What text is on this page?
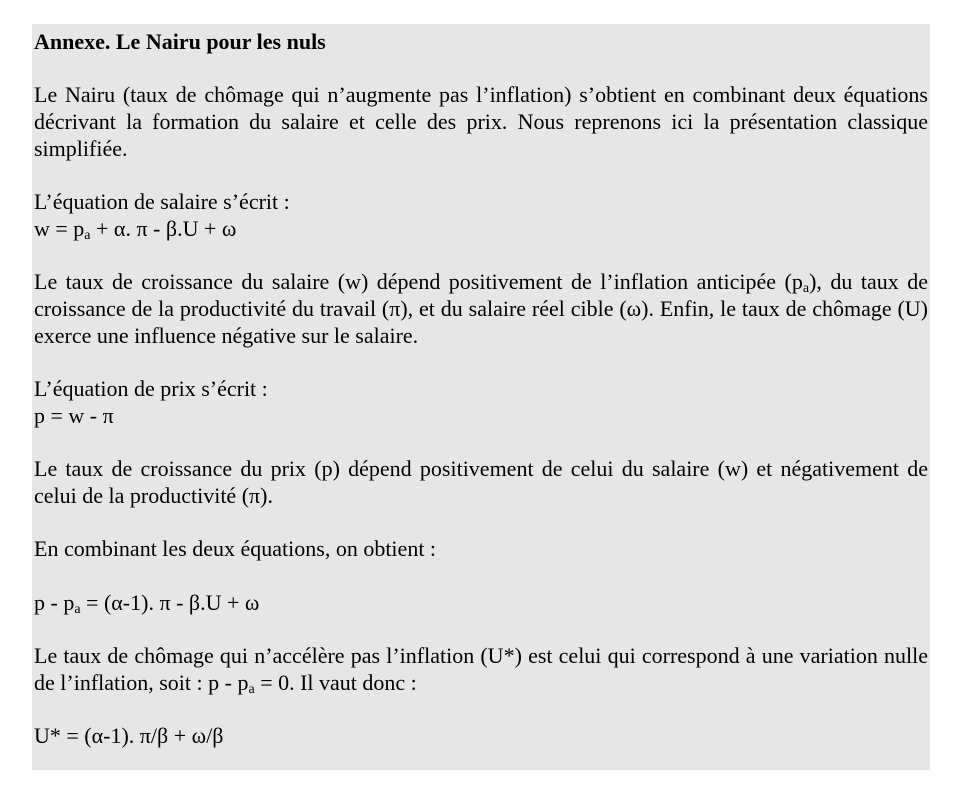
Annexe. Le Nairu pour les nuls

Le Nairu (taux de chômage qui n’augmente pas l’inflation) s’obtient en combinant deux équations décrivant la formation du salaire et celle des prix. Nous reprenons ici la présentation classique simplifiée.

L’équation de salaire s’écrit :

$w = p_a + \alpha$. π - β.U + ω

Le taux de croissance du salaire (w) dépend positivement de l’inflation anticipée $(p_a)$, du taux de croissance de la productivité du travail (π), et du salaire réel cible (ω). Enfin, le taux de chômage (U) exerce une influence négative sur le salaire.

L’équation de prix s’écrit :

p = w - π

Le taux de croissance du prix (p) dépend positivement de celui du salaire (w) et négativement de celui de la productivité (π).

En combinant les deux équations, on obtient :

$p - p_a = (\alpha-1)$. π - β.U + ω

Le taux de chômage qui n’accélère pas l’inflation (U*) est celui qui correspond à une variation nulle de l’inflation, soit : $p - p_a = 0$. Il vaut donc :

U* = (α-1). π/β + ω/β
